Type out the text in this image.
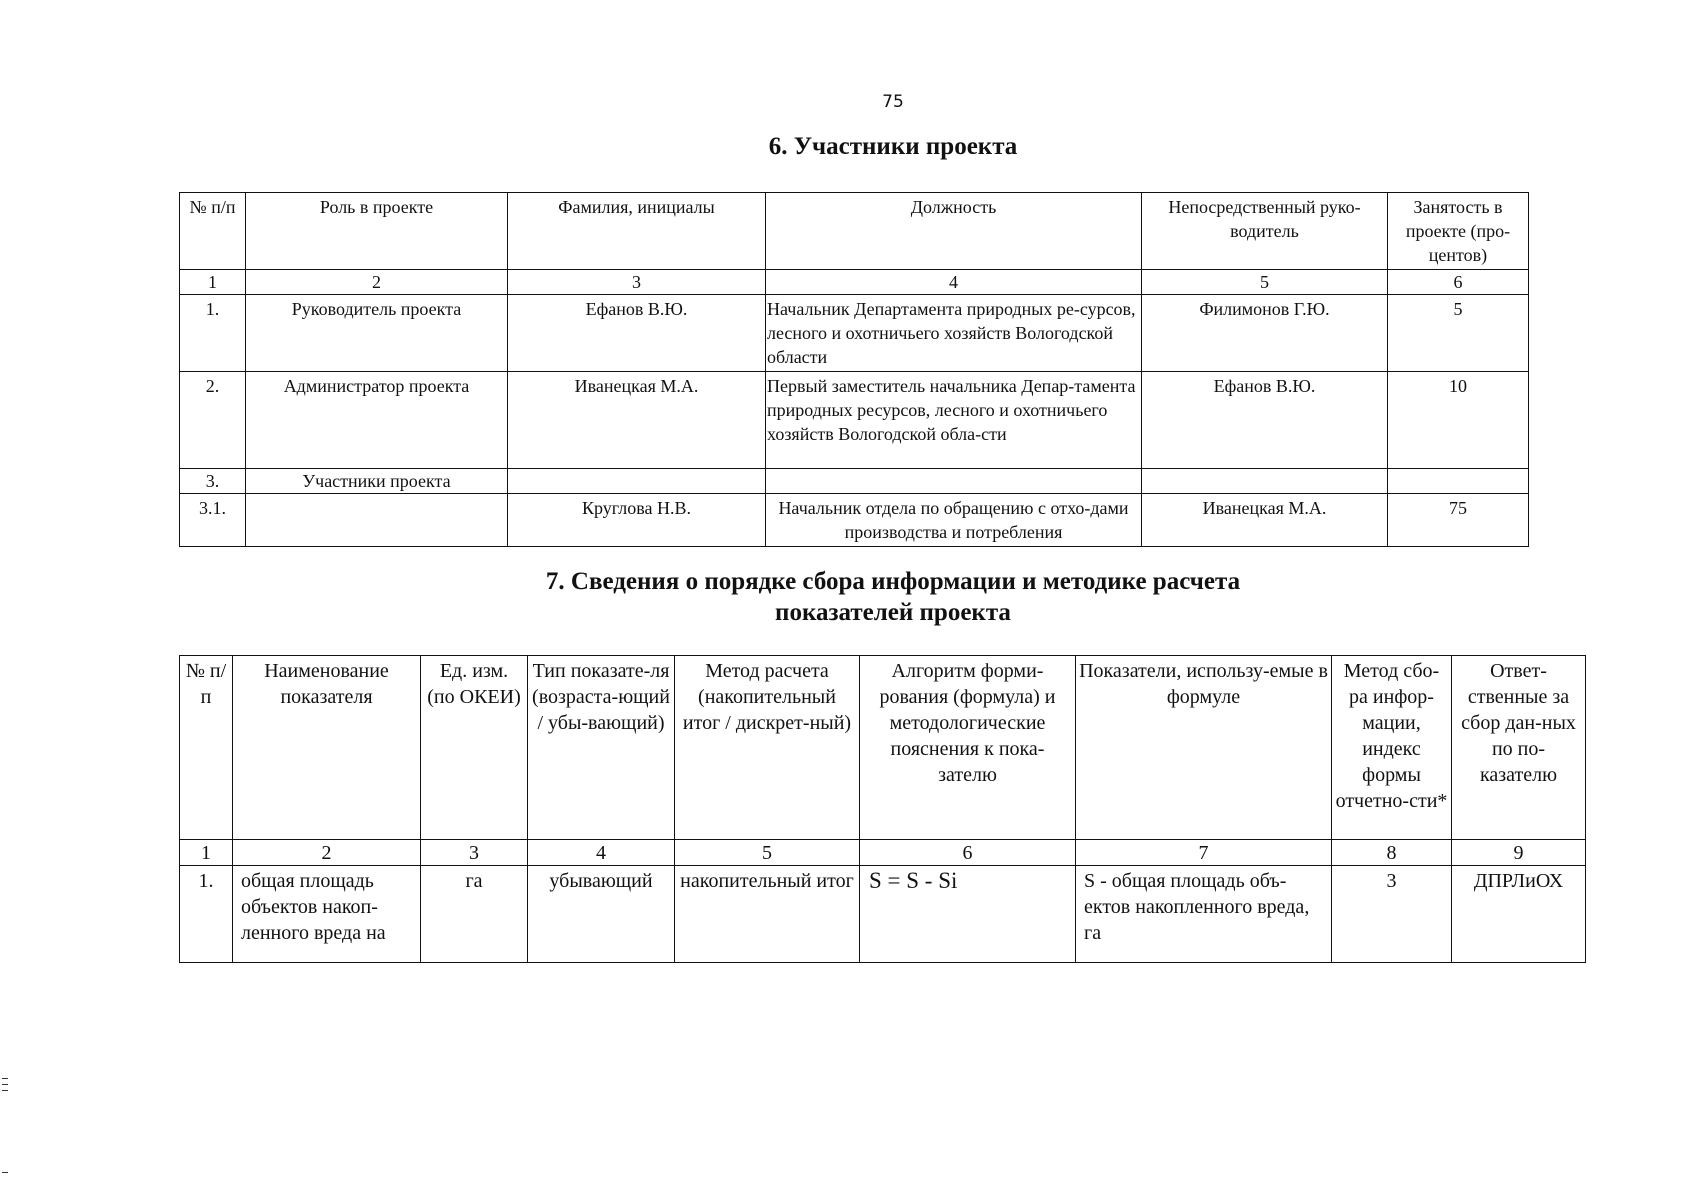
75
6. Участники проекта
№ п/п	Роль в проекте	Фамилия, инициалы	Должность	Непосредственный руко-водитель	Занятость в проекте (про-центов)
1	2	3	4	5	6
1.	Руководитель проекта	Ефанов В.Ю.	Начальник Департамента природных ре-сурсов, лесного и охотничьего хозяйств Вологодской области	Филимонов Г.Ю.	5
2.	Администратор проекта	Иванецкая М.А.	Первый заместитель начальника Депар-тамента природных ресурсов, лесного и охотничьего хозяйств Вологодской обла-сти	Ефанов В.Ю.	10
3.	Участники проекта				
3.1.		Круглова Н.В.	Начальник отдела по обращению с отхо-дами производства и потребления	Иванецкая М.А.	75
7. Сведения о порядке сбора информации и методике расчета
показателей проекта
№ п/п	Наименование показателя	Ед. изм. (по ОКЕИ)	Тип показате-ля (возраста-ющий / убы-вающий)	Метод расчета (накопительный итог / дискрет-ный)	Алгоритм форми-рования (формула) и методологические пояснения к пока-зателю	Показатели, использу-емые в формуле	Метод сбо-ра инфор-мации, индекс формы отчетно-сти*	Ответ-ственные за сбор дан-ных по по-казателю
1	2	3	4	5	6	7	8	9
1.	общая площадь объектов накоп-ленного вреда на	га	убывающий	накопительный итог	S = S - Si	S - общая площадь объ-ектов накопленного вреда, га	3	ДПРЛиОХ
